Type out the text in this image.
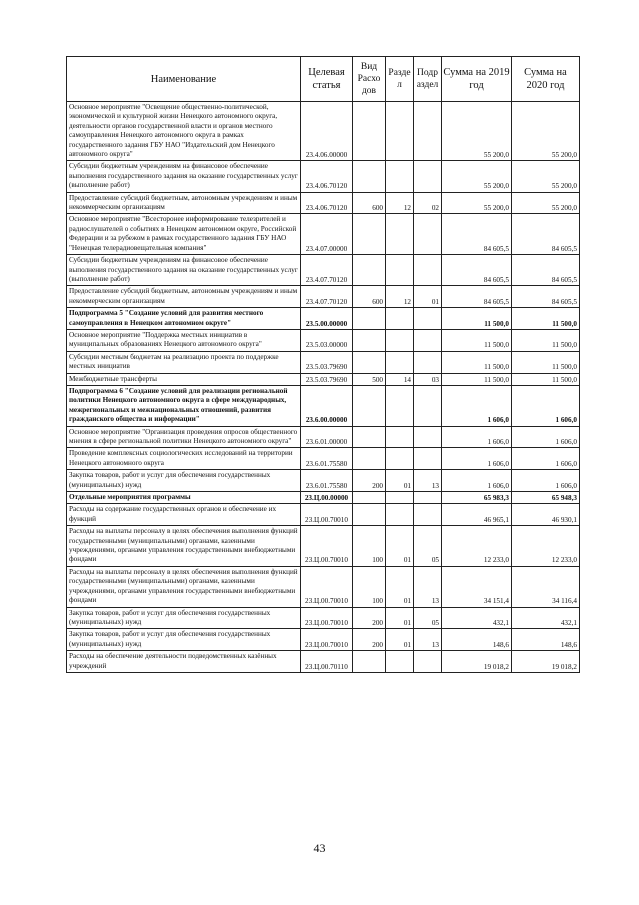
Наименование	Целевая статья	Вид Расхо дов	Разде л	Подр аздел	Сумма на 2019 год	Сумма на 2020 год
Основное мероприятие "Освещение общественно-политической, экономической и культурной жизни Ненецкого автономного округа, деятельности органов государственной власти и органов местного самоуправления Ненецкого автономного округа в рамках государственного задания ГБУ НАО "Издательский дом Ненецкого автономного округа"	23.4.06.00000				55 200,0	55 200,0
Субсидии бюджетным учреждениям на финансовое обеспечение выполнения государственного задания на оказание государственных услуг (выполнение работ)	23.4.06.70120				55 200,0	55 200,0
Предоставление субсидий бюджетным, автономным учреждениям и иным некоммерческим организациям	23.4.06.70120	600	12	02	55 200,0	55 200,0
Основное мероприятие "Всесторонее информирование телезрителей и радиослушателей о событиях в Ненецком автономном округе, Российской Федерации и за рубежом в рамках государственного задания ГБУ НАО "Ненецкая телерадиовещательная компания"	23.4.07.00000				84 605,5	84 605,5
Субсидии бюджетным учреждениям на финансовое обеспечение выполнения государственного задания на оказание государственных услуг (выполнение работ)	23.4.07.70120				84 605,5	84 605,5
Предоставление субсидий бюджетным, автономным учреждениям и иным некоммерческим организациям	23.4.07.70120	600	12	01	84 605,5	84 605,5
Подпрограмма 5 "Создание условий для развития местного самоуправления в Ненецком автономном округе"	23.5.00.00000				11 500,0	11 500,0
Основное мероприятие "Поддержка местных инициатив в муниципальных образованиях Ненецкого автономного округа"	23.5.03.00000				11 500,0	11 500,0
Субсидии местным бюджетам на реализацию проекта по поддержке местных инициатив	23.5.03.79690				11 500,0	11 500,0
Межбюджетные трансферты	23.5.03.79690	500	14	03	11 500,0	11 500,0
Подпрограмма 6 "Создание условий для реализации региональной политики Ненецкого автономного округа в сфере международных, межрегиональных и межнациональных отношений, развития гражданского общества и информации"	23.6.00.00000				1 606,0	1 606,0
Основное мероприятие "Организация проведения опросов общественного мнения в сфере региональной политики Ненецкого автономного округа"	23.6.01.00000				1 606,0	1 606,0
Проведение комплексных социологических исследований на территории Ненецкого автономного округа	23.6.01.75580				1 606,0	1 606,0
Закупка товаров, работ и услуг для обеспечения государственных (муниципальных) нужд	23.6.01.75580	200	01	13	1 606,0	1 606,0
Отдельные мероприятия программы	23.Ц.00.00000				65 983,3	65 948,3
Расходы на содержание государственных органов и обеспечение их функций	23.Ц.00.70010				46 965,1	46 930,1
Расходы на выплаты персоналу в целях обеспечения выполнения функций государственными (муниципальными) органами, казенными учреждениями, органами управления государственными внебюджетными фондами	23.Ц.00.70010	100	01	05	12 233,0	12 233,0
Расходы на выплаты персоналу в целях обеспечения выполнения функций государственными (муниципальными) органами, казенными учреждениями, органами управления государственными внебюджетными фондами	23.Ц.00.70010	100	01	13	34 151,4	34 116,4
Закупка товаров, работ и услуг для обеспечения государственных (муниципальных) нужд	23.Ц.00.70010	200	01	05	432,1	432,1
Закупка товаров, работ и услуг для обеспечения государственных (муниципальных) нужд	23.Ц.00.70010	200	01	13	148,6	148,6
Расходы на обеспечение деятельности подведомственных казённых учреждений	23.Ц.00.70110				19 018,2	19 018,2
43
